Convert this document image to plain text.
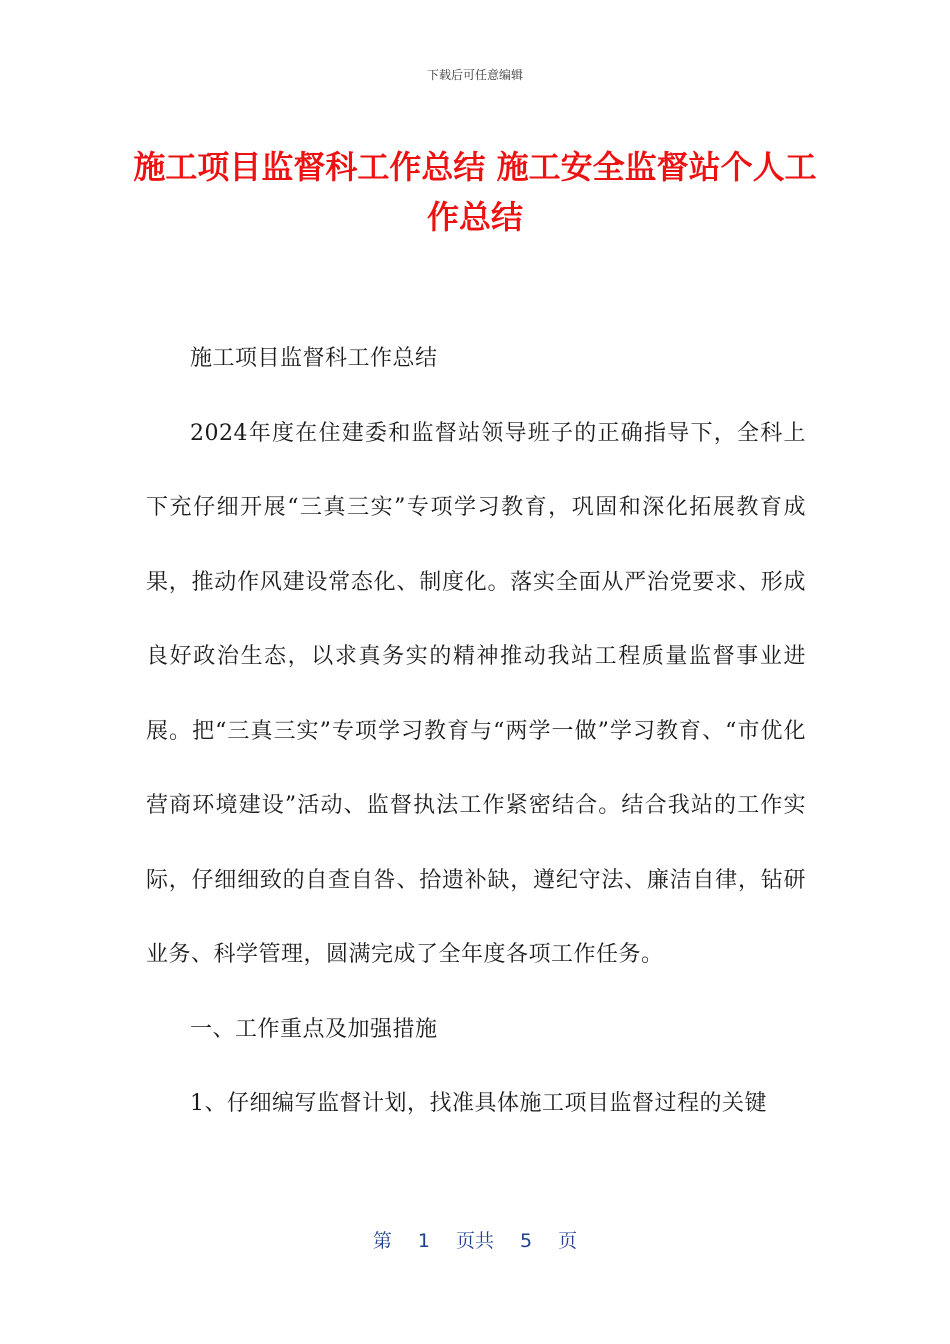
下载后可任意编辑
施工项目监督科工作总结 施工安全监督站个人工作总结

施工项目监督科工作总结

2024年度在住建委和监督站领导班子的正确指导下，全科上下充仔细开展“三真三实”专项学习教育，巩固和深化拓展教育成果，推动作风建设常态化、制度化。落实全面从严治党要求、形成良好政治生态，以求真务实的精神推动我站工程质量监督事业进展。把“三真三实”专项学习教育与“两学一做”学习教育、“市优化营商环境建设”活动、监督执法工作紧密结合。结合我站的工作实际，仔细细致的自查自咎、拾遗补缺，遵纪守法、廉洁自律，钻研业务、科学管理，圆满完成了全年度各项工作任务。

一、工作重点及加强措施

1、仔细编写监督计划，找准具体施工项目监督过程的关键

第 1 页共 5 页
